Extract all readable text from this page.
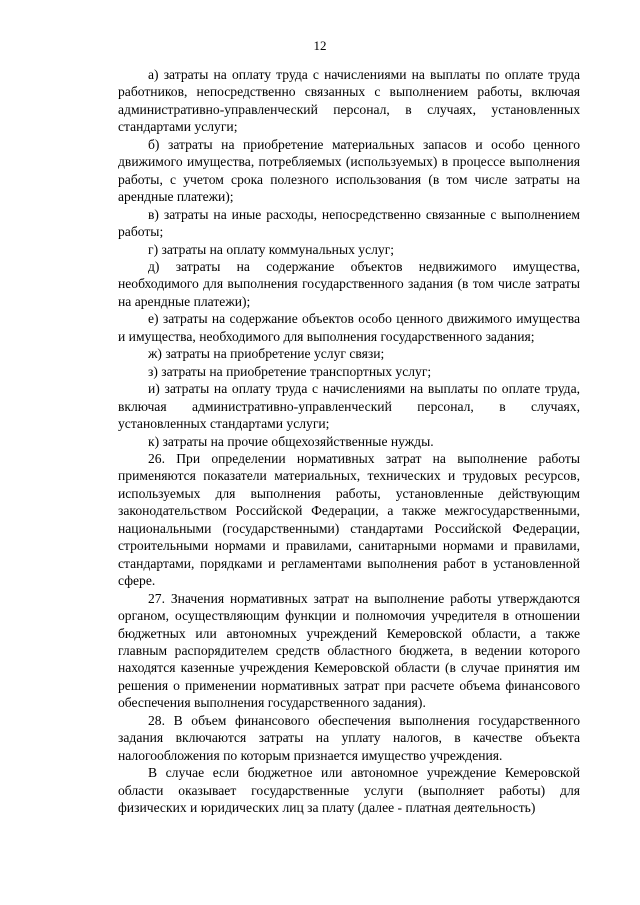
12

а) затраты на оплату труда с начислениями на выплаты по оплате труда работников, непосредственно связанных с выполнением работы, включая административно-управленческий персонал, в случаях, установленных стандартами услуги;

б) затраты на приобретение материальных запасов и особо ценного движимого имущества, потребляемых (используемых) в процессе выполнения работы, с учетом срока полезного использования (в том числе затраты на арендные платежи);

в) затраты на иные расходы, непосредственно связанные с выполнением работы;

г) затраты на оплату коммунальных услуг;

д) затраты на содержание объектов недвижимого имущества, необходимого для выполнения государственного задания (в том числе затраты на арендные платежи);

е) затраты на содержание объектов особо ценного движимого имущества и имущества, необходимого для выполнения государственного задания;

ж) затраты на приобретение услуг связи;

з) затраты на приобретение транспортных услуг;

и) затраты на оплату труда с начислениями на выплаты по оплате труда, включая административно-управленческий персонал, в случаях, установленных стандартами услуги;

к) затраты на прочие общехозяйственные нужды.

26. При определении нормативных затрат на выполнение работы применяются показатели материальных, технических и трудовых ресурсов, используемых для выполнения работы, установленные действующим законодательством Российской Федерации, а также межгосударственными, национальными (государственными) стандартами Российской Федерации, строительными нормами и правилами, санитарными нормами и правилами, стандартами, порядками и регламентами выполнения работ в установленной сфере.

27. Значения нормативных затрат на выполнение работы утверждаются органом, осуществляющим функции и полномочия учредителя в отношении бюджетных или автономных учреждений Кемеровской области, а также главным распорядителем средств областного бюджета, в ведении которого находятся казенные учреждения Кемеровской области (в случае принятия им решения о применении нормативных затрат при расчете объема финансового обеспечения выполнения государственного задания).

28. В объем финансового обеспечения выполнения государственного задания включаются затраты на уплату налогов, в качестве объекта налогообложения по которым признается имущество учреждения.

В случае если бюджетное или автономное учреждение Кемеровской области оказывает государственные услуги (выполняет работы) для физических и юридических лиц за плату (далее - платная деятельность)
